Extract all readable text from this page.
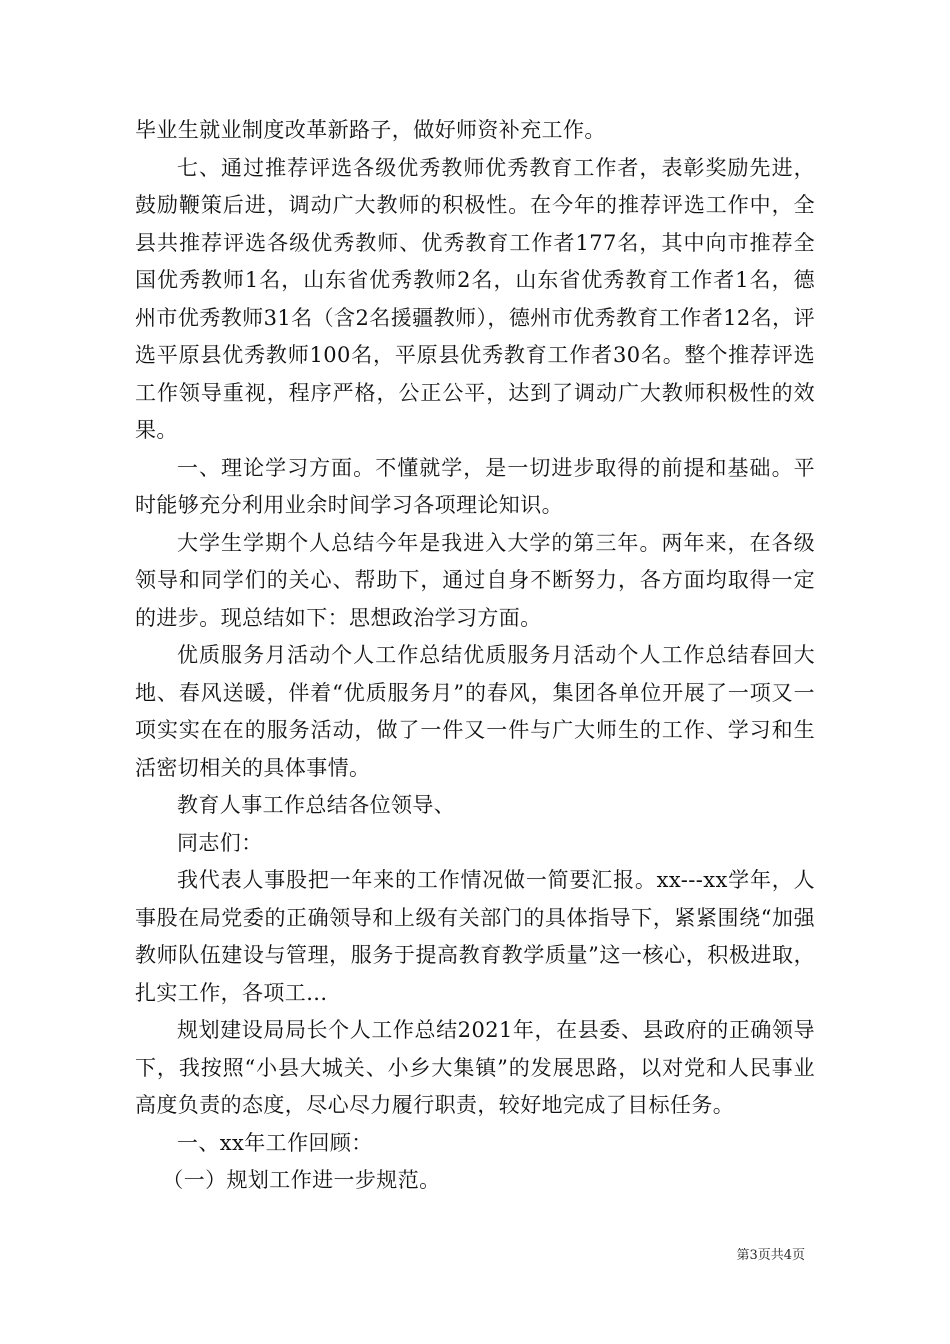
毕业生就业制度改革新路子，做好师资补充工作。

七、通过推荐评选各级优秀教师优秀教育工作者，表彰奖励先进，鼓励鞭策后进，调动广大教师的积极性。在今年的推荐评选工作中，全县共推荐评选各级优秀教师、优秀教育工作者177名，其中向市推荐全国优秀教师1名，山东省优秀教师2名，山东省优秀教育工作者1名，德州市优秀教师31名（含2名援疆教师），德州市优秀教育工作者12名，评选平原县优秀教师100名，平原县优秀教育工作者30名。整个推荐评选工作领导重视，程序严格，公正公平，达到了调动广大教师积极性的效果。

一、理论学习方面。不懂就学，是一切进步取得的前提和基础。平时能够充分利用业余时间学习各项理论知识。

大学生学期个人总结今年是我进入大学的第三年。两年来，在各级领导和同学们的关心、帮助下，通过自身不断努力，各方面均取得一定的进步。现总结如下：思想政治学习方面。

优质服务月活动个人工作总结优质服务月活动个人工作总结春回大地、春风送暖，伴着“优质服务月”的春风，集团各单位开展了一项又一项实实在在的服务活动，做了一件又一件与广大师生的工作、学习和生活密切相关的具体事情。

教育人事工作总结各位领导、

同志们：

我代表人事股把一年来的工作情况做一简要汇报。xx---xx学年，人事股在局党委的正确领导和上级有关部门的具体指导下，紧紧围绕“加强教师队伍建设与管理，服务于提高教育教学质量”这一核心，积极进取，扎实工作，各项工...

规划建设局局长个人工作总结2021年，在县委、县政府的正确领导下，我按照“小县大城关、小乡大集镇”的发展思路，以对党和人民事业高度负责的态度，尽心尽力履行职责，较好地完成了目标任务。

一、xx年工作回顾：

（一）规划工作进一步规范。

第3页共4页
